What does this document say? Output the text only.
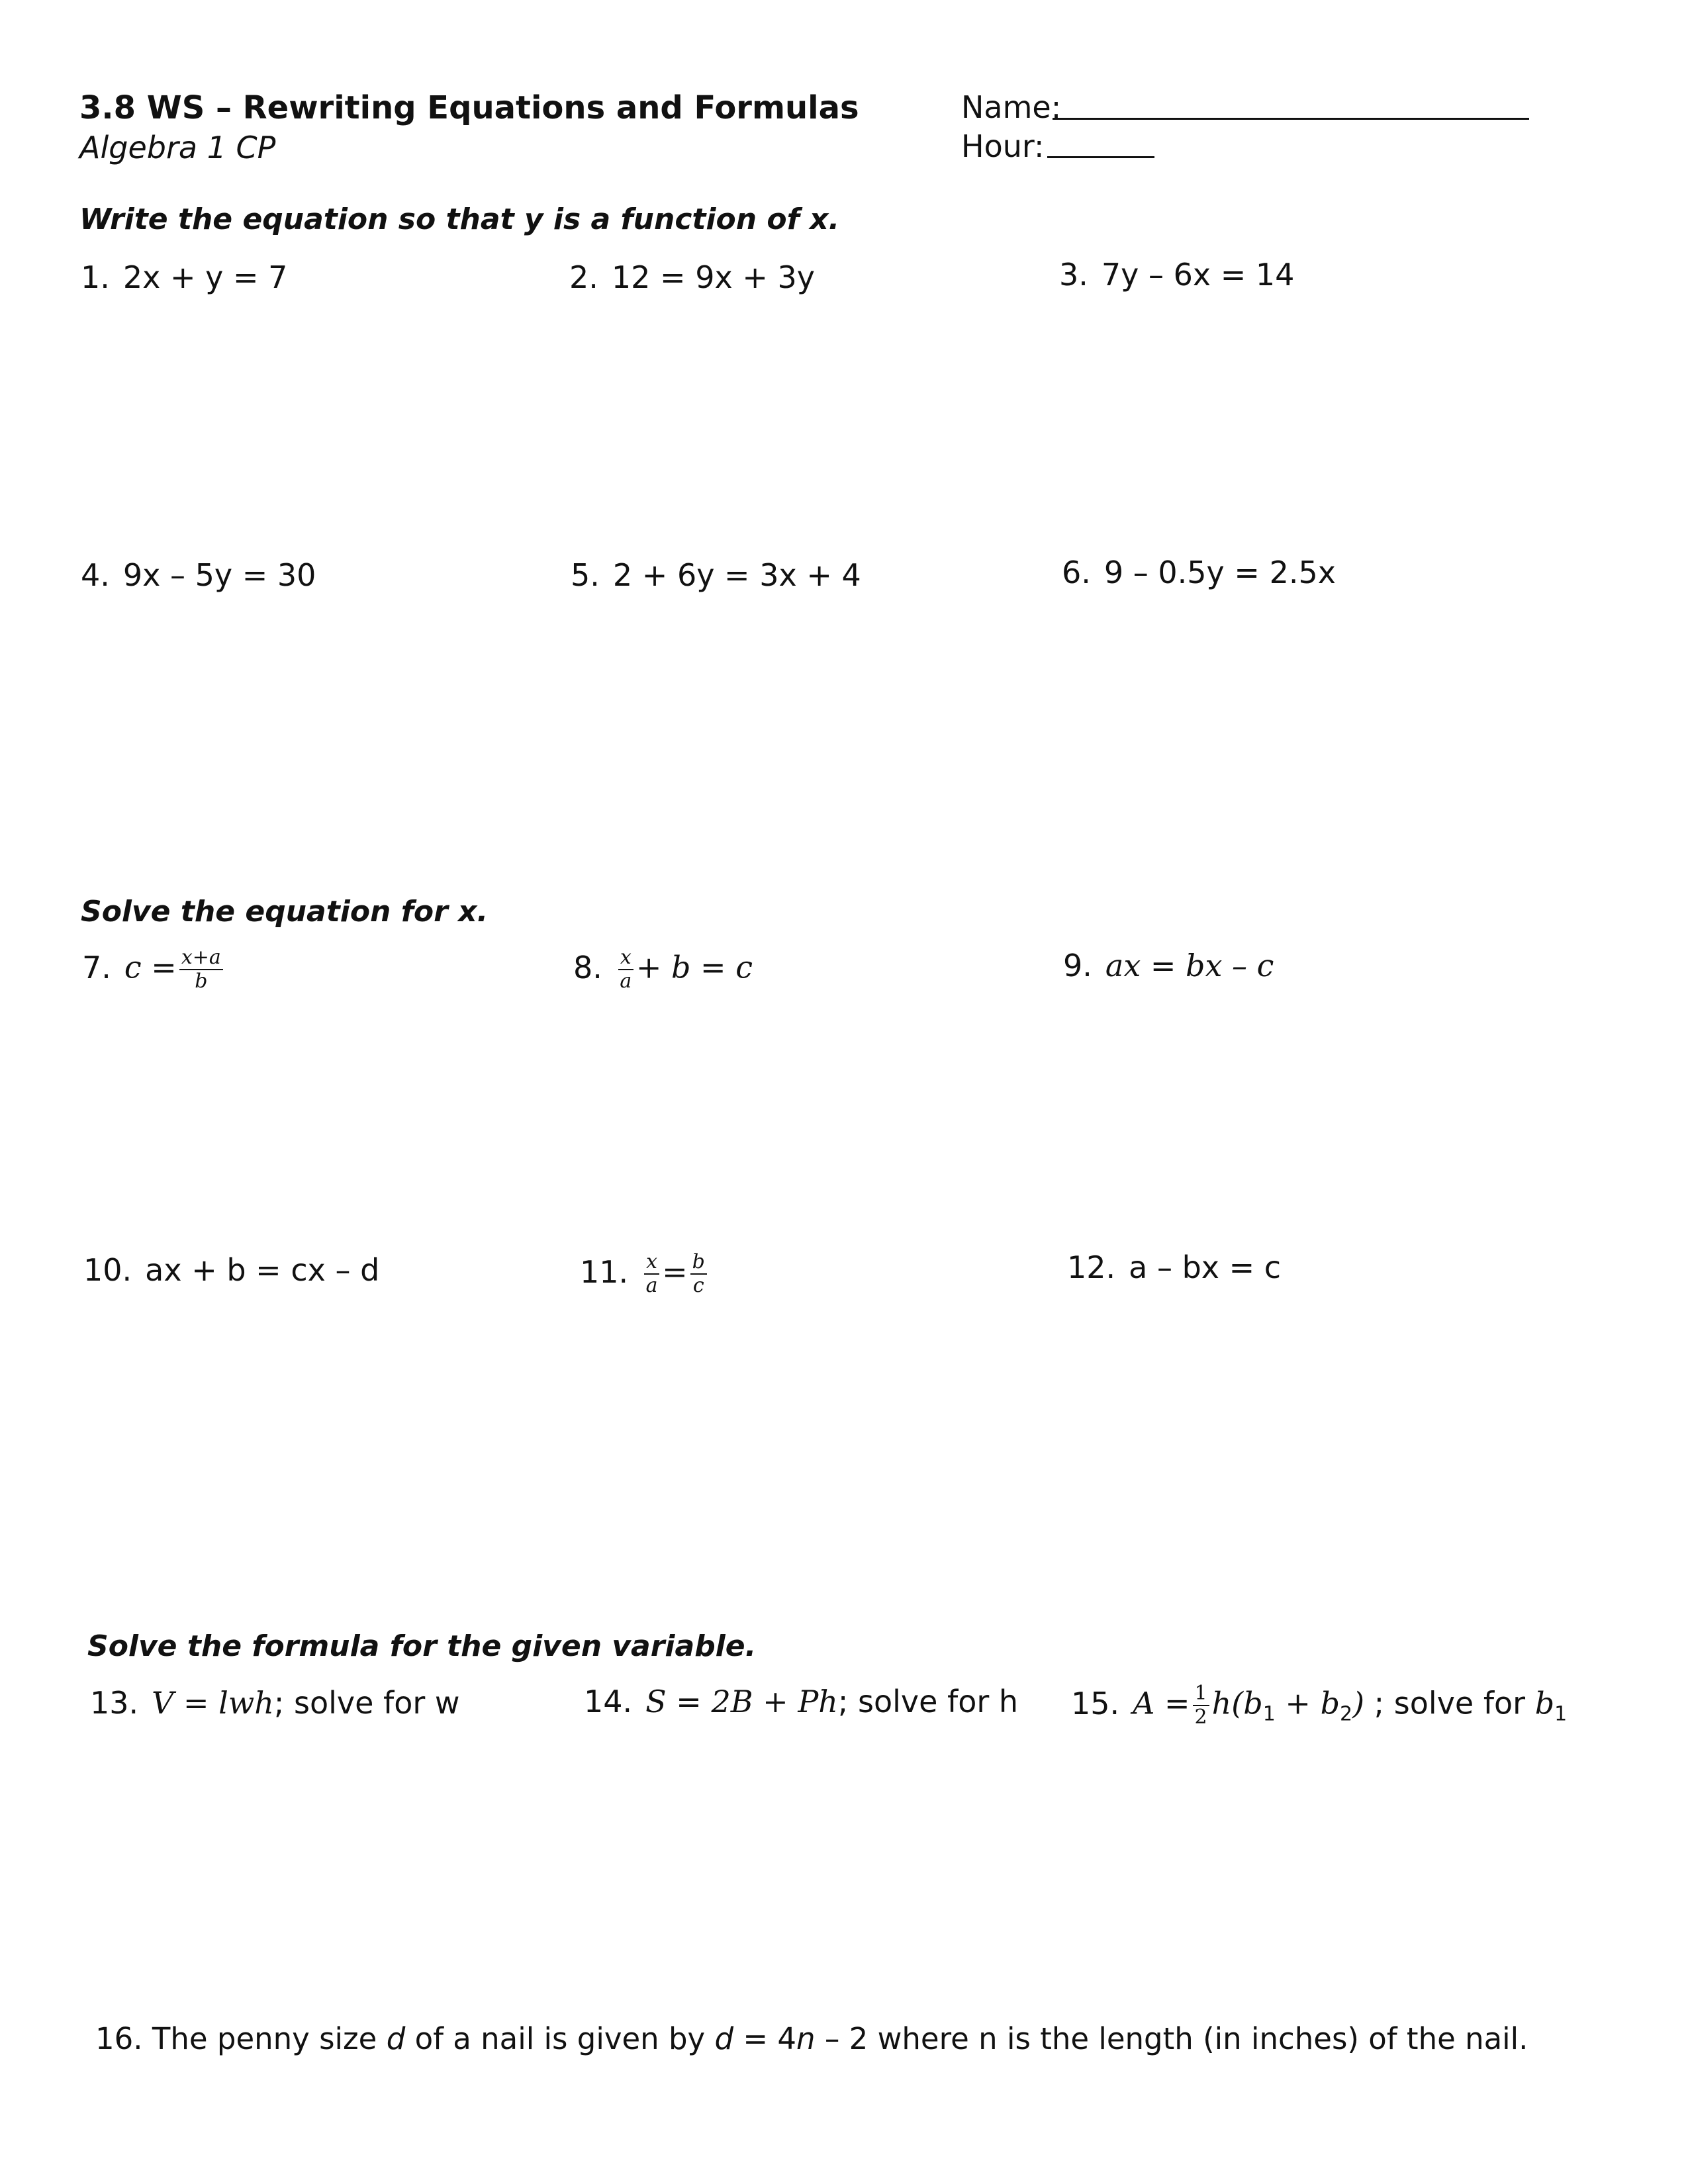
3.8 WS – Rewriting Equations and Formulas
Algebra 1 CP
Name:
Hour:
Write the equation so that y is a function of x.
1. 2x + y = 7	2. 12 = 9x + 3y	3. 7y – 6x = 14
4. 9x – 5y = 30	5. 2 + 6y = 3x + 4	6. 9 – 0.5y = 2.5x
Solve the equation for x.
7. $c = \frac{x+a}{b}$	8. $\frac{x}{a} + b = c$	9. ax = bx – c
10. ax + b = cx – d	11. $\frac{x}{a} = \frac{b}{c}$	12. a – bx = c
Solve the formula for the given variable.
13. V = lwh; solve for w	14. S = 2B + Ph; solve for h 15. $A = \frac{1}{2} h(b_1 + b_2)$ ; solve for $b_1$
16. The penny size d of a nail is given by d = 4n – 2 where n is the length (in inches) of the nail.
